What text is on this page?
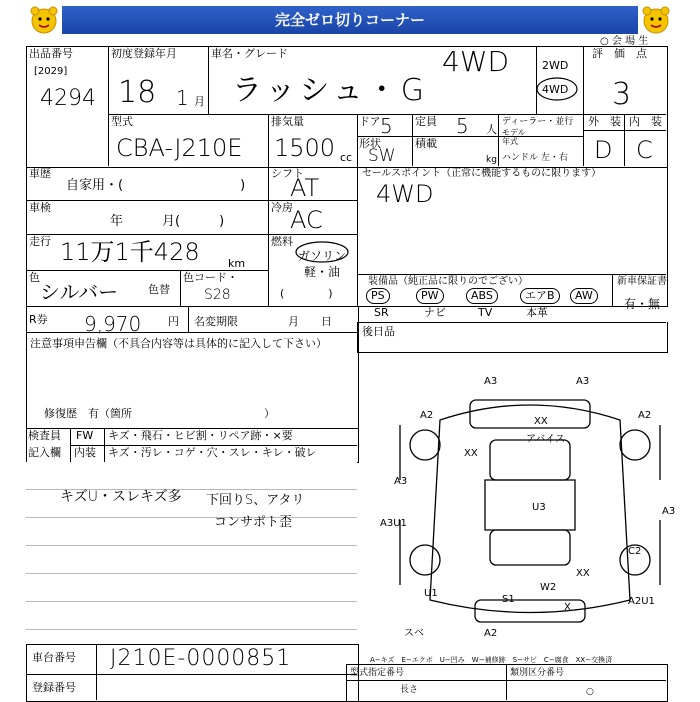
完全ゼロ切りコーナー
○ 会 場 生
出品番号
[2029]
4294
初度登録年月
18 1 月
車名・グレード
ラッシュ・G
4WD	2WD
4WD
評　価　点
3
型式
CBA-J210E
排気量
1500 cc
ドア 5 定員 5 人
ディーラー・並行
モデル
年式
形状
SW
積載
kg ハンドル 左・右
外　装 内　装
D C
車歴
自家用・(　　　　　　　　　)
車検
年　　　月(　　　)
走行 11万1千428	km
色
シルバー	色替
色コード・
S28
シフト
AT
冷房
AC
燃料
ガソリン
軽・油
(　　　　)
セールスポイント（正常に機能するものに限ります）
4WD
装備品（純正品に限りのでござい）
PS	PW	ABS	エアB	AW
SR	ナビ	TV	本革
新車保証書
有・無
R券 9,970 円 名変期限	月　　日
後日品
注意事項申告欄（不具合内容等は具体的に記入して下さい）
修復歴　有（箇所　　　　　　　　　　　　）
検査員
記入欄
FW キズ・飛石・ヒビ割・リペア跡・×要
内装 キズ・汚レ・コゲ・穴・スレ・キレ・破レ
キズU・スレキズ多 下回りS、アタリ
コンサポト歪
A3	A3
A2	A2
XX
アバイス
XX
A3
A3
A3U1
U3
C2
XX
U1
S1
W2
X
A2U1
A2
スベ
A−キズ　E−エクボ　U−凹み　W−補修跡　S−サビ　C−腐食　XX−交換済
車台番号 J210E-0000851
登録番号
型式指定番号	類別区分番号
長さ	○
